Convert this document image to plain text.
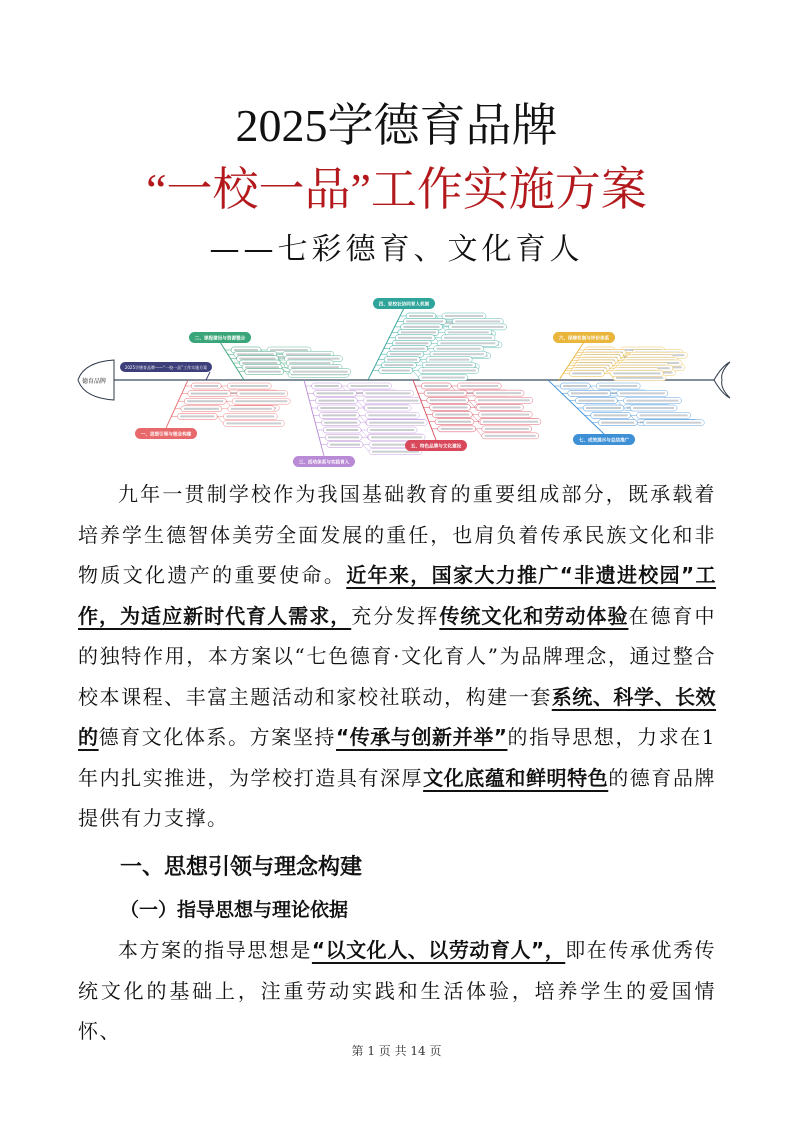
2025学德育品牌
“一校一品”工作实施方案
——七彩德育、文化育人
德育品牌
2025学德育品牌——“一校一品”工作实施方案
一、思想引领与理念构建
二、课程建设与资源整合
三、活动体系与实践育人
四、家校社协同育人机制
五、特色品牌与文化建设
六、保障机制与评价体系
七、成效展示与总结推广

九年一贯制学校作为我国基础教育的重要组成部分，既承载着培养学生德智体美劳全面发展的重任，也肩负着传承民族文化和非物质文化遗产的重要使命。近年来，国家大力推广“非遗进校园”工作，为适应新时代育人需求，充分发挥传统文化和劳动体验在德育中的独特作用，本方案以“七色德育·文化育人”为品牌理念，通过整合校本课程、丰富主题活动和家校社联动，构建一套系统、科学、长效的德育文化体系。方案坚持“传承与创新并举”的指导思想，力求在1年内扎实推进，为学校打造具有深厚文化底蕴和鲜明特色的德育品牌提供有力支撑。

一、思想引领与理念构建
（一）指导思想与理论依据

本方案的指导思想是“以文化人、以劳动育人”，即在传承优秀传统文化的基础上，注重劳动实践和生活体验，培养学生的爱国情怀、

第 1 页 共 14 页
